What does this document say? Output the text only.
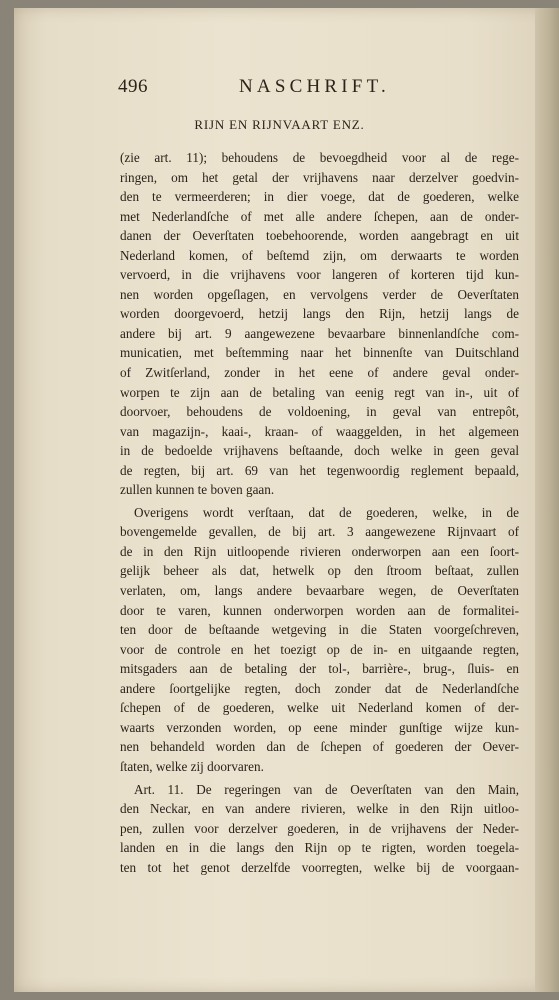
496	NASCHRIFT.
RIJN EN RIJNVAART ENZ.
(zie art. 11); behoudens de bevoegdheid voor al de rege-
ringen, om het getal der vrijhavens naar derzelver goedvin-
den te vermeerderen; in dier voege, dat de goederen, welke
met Nederlandſche of met alle andere ſchepen, aan de onder-
danen der Oeverſtaten toebehoorende, worden aangebragt en uit
Nederland komen, of beſtemd zijn, om derwaarts te worden
vervoerd, in die vrijhavens voor langeren of korteren tijd kun-
nen worden opgeſlagen, en vervolgens verder de Oeverſtaten
worden doorgevoerd, hetzij langs den Rijn, hetzij langs de
andere bij art. 9 aangewezene bevaarbare binnenlandſche com-
municatien, met beſtemming naar het binnenſte van Duitschland
of Zwitſerland, zonder in het eene of andere geval onder-
worpen te zijn aan de betaling van eenig regt van in-, uit of
doorvoer, behoudens de voldoening, in geval van entrepôt,
van magazijn-, kaai-, kraan- of waaggelden, in het algemeen
in de bedoelde vrijhavens beſtaande, doch welke in geen geval
de regten, bij art. 69 van het tegenwoordig reglement bepaald,
zullen kunnen te boven gaan.
Overigens wordt verſtaan, dat de goederen, welke, in de
bovengemelde gevallen, de bij art. 3 aangewezene Rijnvaart of
de in den Rijn uitloopende rivieren onderworpen aan een ſoort-
gelijk beheer als dat, hetwelk op den ſtroom beſtaat, zullen
verlaten, om, langs andere bevaarbare wegen, de Oeverſtaten
door te varen, kunnen onderworpen worden aan de formalitei-
ten door de beſtaande wetgeving in die Staten voorgeſchreven,
voor de controle en het toezigt op de in- en uitgaande regten,
mitsgaders aan de betaling der tol-, barrière-, brug-, ſluis- en
andere ſoortgelijke regten, doch zonder dat de Nederlandſche
ſchepen of de goederen, welke uit Nederland komen of der-
waarts verzonden worden, op eene minder gunſtige wijze kun-
nen behandeld worden dan de ſchepen of goederen der Oever-
ſtaten, welke zij doorvaren.
Art. 11. De regeringen van de Oeverſtaten van den Main,
den Neckar, en van andere rivieren, welke in den Rijn uitloo-
pen, zullen voor derzelver goederen, in de vrijhavens der Neder-
landen en in die langs den Rijn op te rigten, worden toegela-
ten tot het genot derzelfde voorregten, welke bij de voorgaan-
